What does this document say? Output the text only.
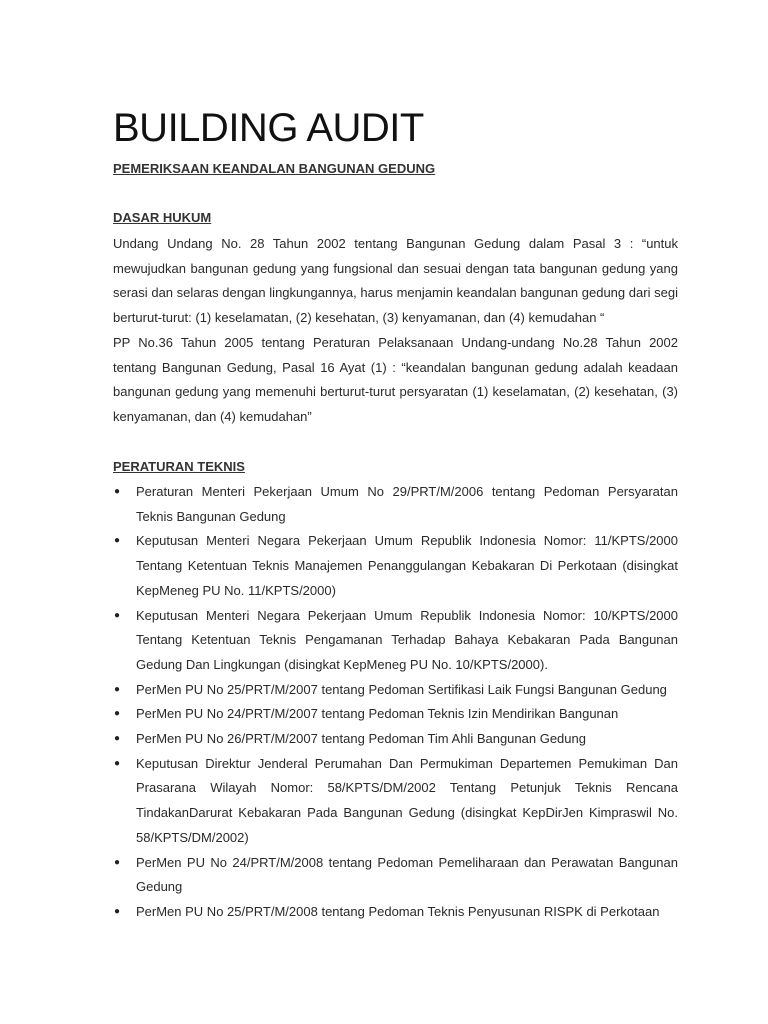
BUILDING AUDIT
PEMERIKSAAN KEANDALAN BANGUNAN GEDUNG
DASAR HUKUM

Undang Undang No. 28 Tahun 2002 tentang Bangunan Gedung dalam Pasal 3 : “untuk mewujudkan bangunan gedung yang fungsional dan sesuai dengan tata bangunan gedung yang serasi dan selaras dengan lingkungannya, harus menjamin keandalan bangunan gedung dari segi berturut-turut: (1) keselamatan, (2) kesehatan, (3) kenyamanan, dan (4) kemudahan “

PP No.36 Tahun 2005 tentang Peraturan Pelaksanaan Undang-undang No.28 Tahun 2002 tentang Bangunan Gedung, Pasal 16 Ayat (1) : “keandalan bangunan gedung adalah keadaan bangunan gedung yang memenuhi berturut-turut persyaratan (1) keselamatan, (2) kesehatan, (3) kenyamanan, dan (4) kemudahan”

PERATURAN TEKNIS
● Peraturan Menteri Pekerjaan Umum No 29/PRT/M/2006 tentang Pedoman Persyaratan Teknis Bangunan Gedung
● Keputusan Menteri Negara Pekerjaan Umum Republik Indonesia Nomor: 11/KPTS/2000 Tentang Ketentuan Teknis Manajemen Penanggulangan Kebakaran Di Perkotaan (disingkat KepMeneg PU No. 11/KPTS/2000)
● Keputusan Menteri Negara Pekerjaan Umum Republik Indonesia Nomor: 10/KPTS/2000 Tentang Ketentuan Teknis Pengamanan Terhadap Bahaya Kebakaran Pada Bangunan Gedung Dan Lingkungan (disingkat KepMeneg PU No. 10/KPTS/2000).
● PerMen PU No 25/PRT/M/2007 tentang Pedoman Sertifikasi Laik Fungsi Bangunan Gedung
● PerMen PU No 24/PRT/M/2007 tentang Pedoman Teknis Izin Mendirikan Bangunan
● PerMen PU No 26/PRT/M/2007 tentang Pedoman Tim Ahli Bangunan Gedung
● Keputusan Direktur Jenderal Perumahan Dan Permukiman Departemen Pemukiman Dan Prasarana Wilayah Nomor: 58/KPTS/DM/2002 Tentang Petunjuk Teknis Rencana TindakanDarurat Kebakaran Pada Bangunan Gedung (disingkat KepDirJen Kimpraswil No. 58/KPTS/DM/2002)
● PerMen PU No 24/PRT/M/2008 tentang Pedoman Pemeliharaan dan Perawatan Bangunan Gedung
● PerMen PU No 25/PRT/M/2008 tentang Pedoman Teknis Penyusunan RISPK di Perkotaan
